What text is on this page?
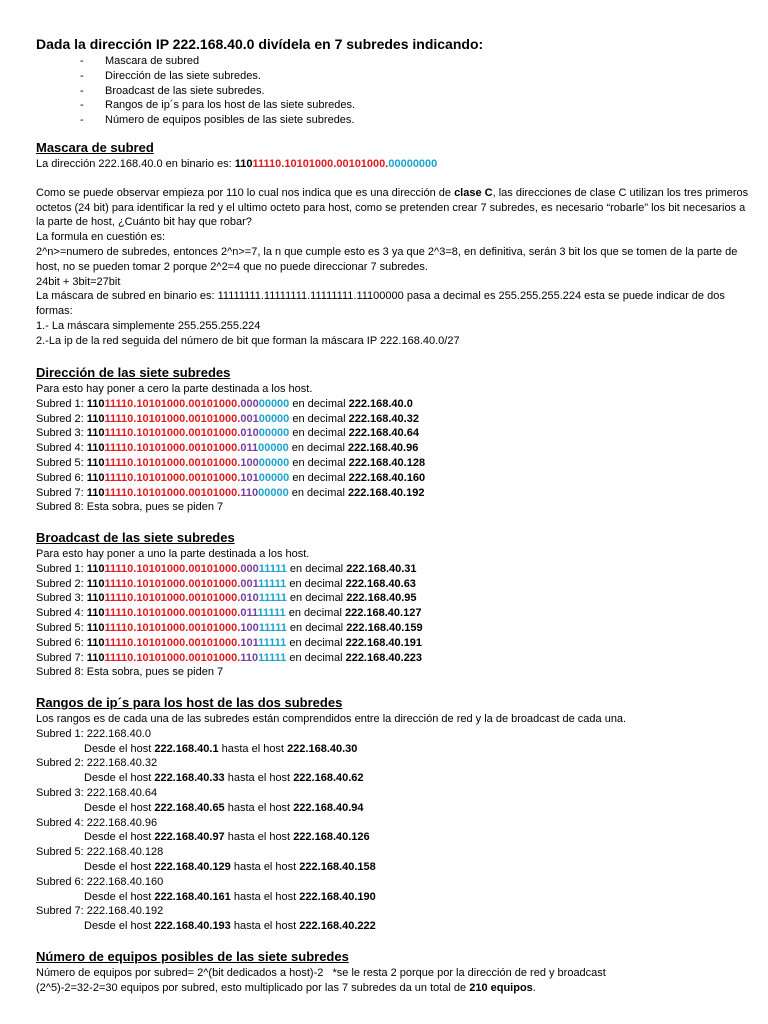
Dada la dirección IP 222.168.40.0 divídela en 7 subredes indicando:
- Mascara de subred
- Dirección de las siete subredes.
- Broadcast de las siete subredes.
- Rangos de ip´s para los host de las siete subredes.
- Número de equipos posibles de las siete subredes.
Mascara de subred
La dirección 222.168.40.0 en binario es: 11011110.10101000.00101000.00000000
Como se puede observar empieza por 110 lo cual nos indica que es una dirección de clase C, las direcciones de clase C utilizan los tres primeros octetos (24 bit) para identificar la red y el ultimo octeto para host, como se pretenden crear 7 subredes, es necesario “robarle” los bit necesarios a la parte de host, ¿Cuánto bit hay que robar?
La formula en cuestión es:
2^n>=numero de subredes, entonces 2^n>=7, la n que cumple esto es 3 ya que 2^3=8, en definitiva, serán 3 bit los que se tomen de la parte de host, no se pueden tomar 2 porque 2^2=4 que no puede direccionar 7 subredes.
24bit + 3bit=27bit
La máscara de subred en binario es: 11111111.11111111.11111111.11100000 pasa a decimal es 255.255.255.224 esta se puede indicar de dos formas:
1.- La máscara simplemente 255.255.255.224
2.-La ip de la red seguida del número de bit que forman la máscara IP 222.168.40.0/27
Dirección de las siete subredes
Para esto hay poner a cero la parte destinada a los host.
Subred 1: 11011110.10101000.00101000.00000000 en decimal 222.168.40.0
Subred 2: 11011110.10101000.00101000.00100000 en decimal 222.168.40.32
Subred 3: 11011110.10101000.00101000.01000000 en decimal 222.168.40.64
Subred 4: 11011110.10101000.00101000.01100000 en decimal 222.168.40.96
Subred 5: 11011110.10101000.00101000.10000000 en decimal 222.168.40.128
Subred 6: 11011110.10101000.00101000.10100000 en decimal 222.168.40.160
Subred 7: 11011110.10101000.00101000.11000000 en decimal 222.168.40.192
Subred 8: Esta sobra, pues se piden 7
Broadcast de las siete subredes
Para esto hay poner a uno la parte destinada a los host.
Subred 1: 11011110.10101000.00101000.00011111 en decimal 222.168.40.31
Subred 2: 11011110.10101000.00101000.00111111 en decimal 222.168.40.63
Subred 3: 11011110.10101000.00101000.01011111 en decimal 222.168.40.95
Subred 4: 11011110.10101000.00101000.01111111 en decimal 222.168.40.127
Subred 5: 11011110.10101000.00101000.10011111 en decimal 222.168.40.159
Subred 6: 11011110.10101000.00101000.10111111 en decimal 222.168.40.191
Subred 7: 11011110.10101000.00101000.11011111 en decimal 222.168.40.223
Subred 8: Esta sobra, pues se piden 7
Rangos de ip´s para los host de las dos subredes
Los rangos es de cada una de las subredes están comprendidos entre la dirección de red y la de broadcast de cada una.
Subred 1: 222.168.40.0
Desde el host 222.168.40.1 hasta el host 222.168.40.30
Subred 2: 222.168.40.32
Desde el host 222.168.40.33 hasta el host 222.168.40.62
Subred 3: 222.168.40.64
Desde el host 222.168.40.65 hasta el host 222.168.40.94
Subred 4: 222.168.40.96
Desde el host 222.168.40.97 hasta el host 222.168.40.126
Subred 5: 222.168.40.128
Desde el host 222.168.40.129 hasta el host 222.168.40.158
Subred 6: 222.168.40.160
Desde el host 222.168.40.161 hasta el host 222.168.40.190
Subred 7: 222.168.40.192
Desde el host 222.168.40.193 hasta el host 222.168.40.222
Número de equipos posibles de las siete subredes
Número de equipos por subred= 2^(bit dedicados a host)-2   *se le resta 2 porque por la dirección de red y broadcast
(2^5)-2=32-2=30 equipos por subred, esto multiplicado por las 7 subredes da un total de 210 equipos.
